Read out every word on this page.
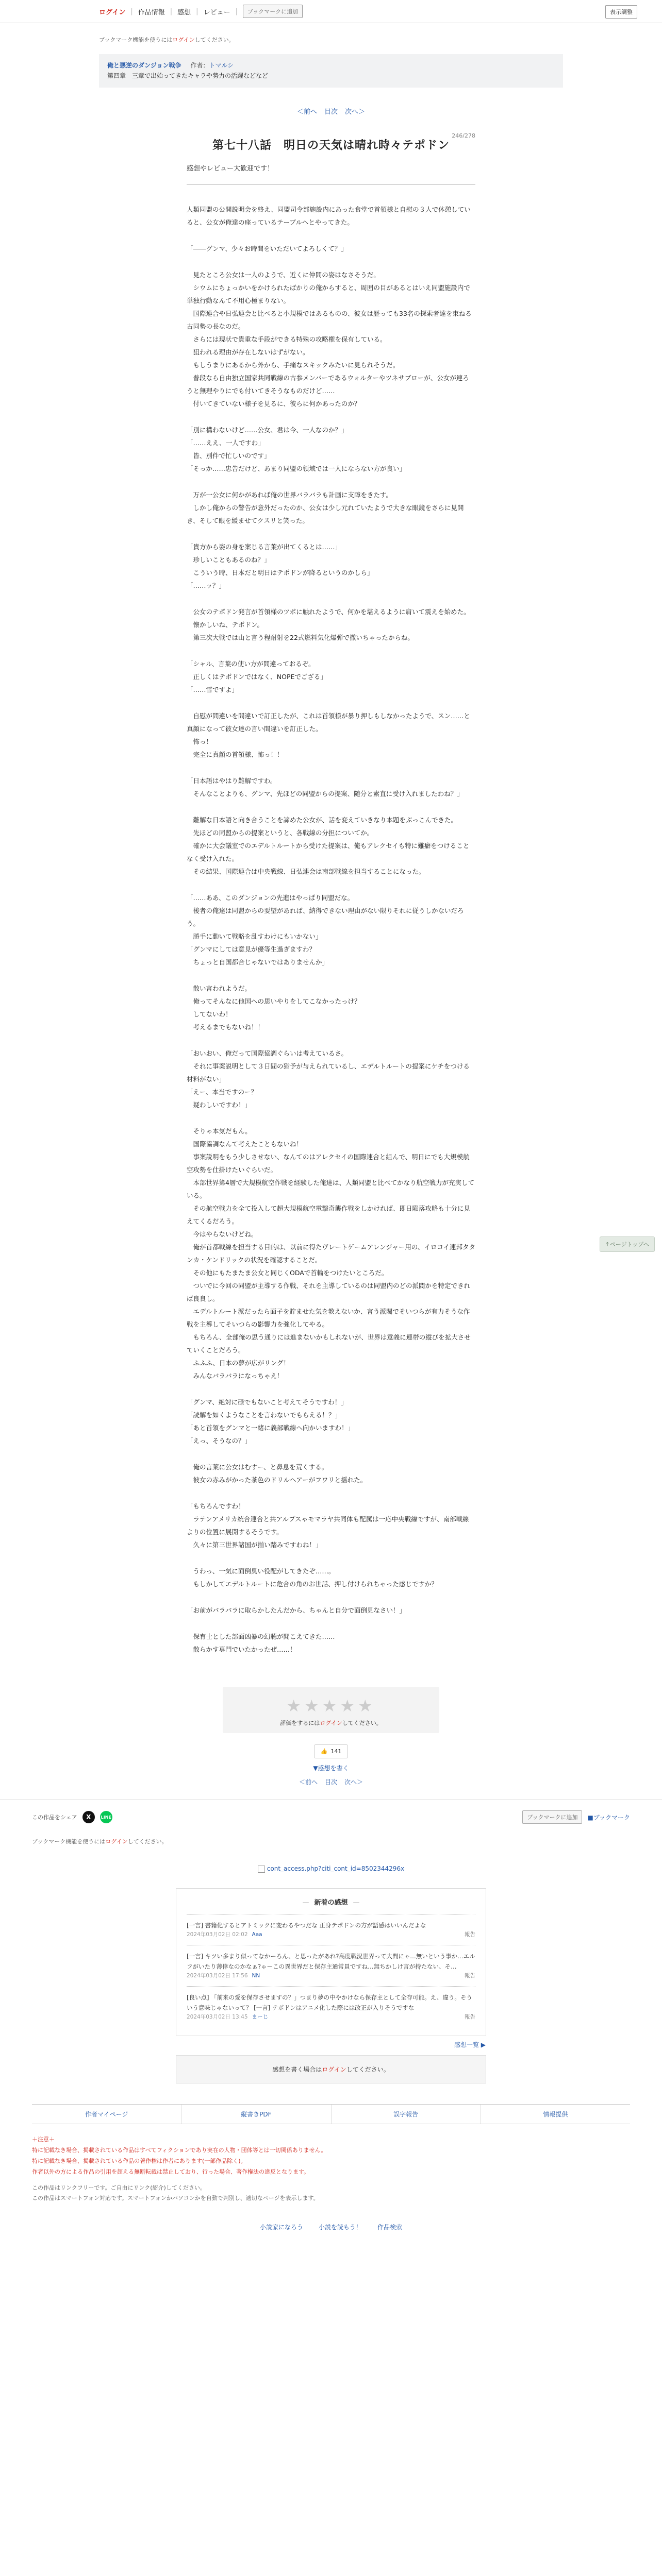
ログイン | 作品情報 | 感想 | レビュー |	ブックマークに追加	表示調整
ブックマーク機能を使うにはログインしてください。
俺と悪逆のダンジョン戦争 作者：トマルシ
第四章　三章で出始ってきたキャラや勢力の活躍などなど
＜前へ 目次 次へ＞
246/278
第七十八話　明日の天気は晴れ時々テポドン
感想やレビュー大歓迎です！

人類同盟の公開説明会を終え、同盟司令部施設内にあった食堂で首領様と自慰の３人で休憩していると、公女が俺達の座っているテーブルへとやってきた。

「――グンマ、少々お時間をいただいてよろしくて？」

　見たところ公女は一人のようで、近くに仲間の姿はなさそうだ。

　シウムにちょっかいをかけられたばかりの俺からすると、周囲の目があるとはいえ同盟施設内で単独行動なんて不用心極まりない。

　国際連合や日弘連会と比べると小規模ではあるものの、彼女は歴っても33名の探索者達を束ねる古同勢の長なのだ。

　さらには現状で貴重な手段ができる特殊の攻略権を保有している。

　狙われる理由が存在しないはずがない。

　もしうまりにあるから外から、手痛なスキックみたいに見られそうだ。

　普段なら自由独立国家共同戦線の古参メンバーであるウォルターやツネサブローが、公女が連ろうと無理やりにでも付いてきそうなものだけど……

　付いてきていない様子を見るに、彼らに何かあったのか？

「別に構わないけど……公女、君は今、一人なのか？」

「……ええ、一人ですわ」

　皆、別件で忙しいのです」

「そっか……忠告だけど、あまり同盟の領域では一人にならない方が良い」

　万が一公女に何かがあれば俺の世界バラバラも計画に支障をきたす。

　しかし俺からの警告が意外だったのか、公女は少し元れていたようで大きな眼鏡をさらに見開き、そして眼を緩ませてクスリと笑った。

「貴方から姿の身を案じる言葉が出てくるとは……」

　珍しいこともあるのね？」

　こういう時、日本だと明日はテポドンが降るというのかしら」

「……ッ？」

　公女のテポドン発言が首領様のツボに触れたようで、何かを堪えるように肩いて震えを始めた。

　懐かしいね、テポドン。

　第三次大戦では山と言う程耐射を22式燃料気化爆弾で撒いちゃったからね。

「シャル、言葉の使い方が間違っておるぞ。

　正しくはテポドンではなく、NOPEでござる」

「……雪ですよ」

　自慰が間違いを間違いで訂正したが、これは首領様が暴り押しもしなかったようで、スン……と真顔になって彼女達の言い間違いを訂正した。

　怖っ！

　完全に真顔の首領様、怖っ！！

「日本語はやはり難解ですわ。

　そんなことよりも、グンマ、先ほどの同盟からの提案、随分と素直に受け入れましたわね？」

　難解な日本語と向き合うことを諦めた公女が、話を変えていきなり本題をぶっこんできた。

　先ほどの同盟からの提案というと、各戦線の分担についてか。

　確かに大会議室でのエデルトルートから受けた提案は、俺もアレクセイも特に難癖をつけることなく受け入れた。

　その結果、国際連合は中央戦線、日弘連会は南部戦線を担当することになった。

「……ああ、このダンジョンの先進はやっぱり同盟だな。

　後者の俺達は同盟からの要望があれば、納得できない理由がない限りそれに従うしかないだろう。

　勝手に動いて戦略を乱すわけにもいかない」

「グンマにしては意見が優等生過ぎますわ？

　ちょっと自国都合じゃないではありませんか」

　散い言われようだ。

　俺ってそんなに他国への思いやりをしてこなかったっけ？

　してないわ！

　考えるまでもないね！！

「おいおい、俺だって国際協調ぐらいは考えているさ。

　それに事案説明として３日間の猶予が与えられているし、エデルトルートの提案にケチをつける材料がない」

「えー、本当ですのー？

　疑わしいですわ！」

　そりゃ本気だもん。

　国際協調なんて考えたこともないね！

　事案説明をもう少しさせない、なんてのはアレクセイの国際連合と組んで、明日にでも大規模航空攻勢を仕掛けたいぐらいだ。

　本部世界第4層で大規模航空作戦を経験した俺達は、人類同盟と比べてかなり航空戦力が充実している。

　その航空戦力を全て投入して超大規模航空電撃奇襲作戦をしかければ、即日陥落攻略も十分に見えてくるだろう。

　今はやらないけどね。

　俺が首都戦線を担当する目的は、以前に得たヴレートゲームアレンジャー用の、イロコイ連邦タタンカ・ケンドリックの状況を確認することだ。

　その他にもたまたま公女と同じくODAで首輪をつけたいところだ。

　ついでに今回の同盟が主導する作戦、それを主導しているのは同盟内のどの派閥かを特定できれば良良し。

　エデルトルート派だったら面子を貯ませた気を教えないか、言う派閥でそいつらが有力そうな作戦を主導してそいつらの影響力を強化してやる。

　もちろん、全部俺の思う通りには進まないかもしれないが、世界は意義に連帯の縦びを拡大させていくことだろう。

　ふふふ、日本の夢が広がリング！

　みんなバラバラになっちゃえ！

「グンマ、絶対に碌でもないこと考えてそうですわ！」

「読解を如くようなことを言わないでもらえる！？」

「あと首領をグンマと一緒に義部戦線へ向かいますわ！」

「えっ、そうなの？」

　俺の言葉に公女はむすー、と鼻息を荒くする。

　彼女の赤みがかった茶色のドリルヘアーがフワリと揺れた。

「もちろんですわ！

　ラテンアメリカ統合連合と共アルプスゃモマラヤ共同体も配属は一応中央戦線ですが、南部戦線よりの位置に展開するそうです。

　久々に第三世界諸国が揃い踏みですわね！」

　うわっ、一気に面倒臭い役配がしてきたぞ……。

　もしかしてエデルトルートに危合の角のお世話、押し付けられちゃった感じですか？

「お前がバラバラに取らかしたんだから、ちゃんと自分で面倒見なさい！」

　保育士とした部面凶暴の幻聴が聞こえてきた……

　散らかす専門でいたかったぜ……！

↑ページトップへ
★★★★★
評価をするにはログインしてください。
👍 141
▼感想を書く
＜前へ 目次 次へ＞
この作品をシェア	X	LINE	ブックマークに追加	■ブックマーク
ブックマーク機能を使うにはログインしてください。
cont_access.php?citi_cont_id=8502344296x
— 新着の感想 —
[一言] 書籍化するとアトミックに変わるやつだな 正身テポドンの方が語感はいいんだよな
2024年03月02日 02:02 Aaa	報告
[一言] キツい多まり似ってなかーろん、と思ったがあれ?高度戦況世界って大間にゃ…無いという事か…エルフがいたり薄倖なのかなぁ?ゃーこの異世界だと保存主通常員ですね…無ちかしけ言が持たない、そ…
2024年03月02日 17:56 NN	報告
[良い点] 「前来の愛を保存させますの？」つまり夢の中やかけなら保存主として全存可能。え、違う。そういう意味じゃないって？ [一言] テポドンはアニメ化した際には改正が入りそうですな
2024年03月02日 13:45 まーじ	報告
感想一覧 ▶
感想を書く場合はログインしてください。
作者マイページ	縦書きPDF	誤字報告	情報提供
＋注意＋
特に記載なき場合、掲載されている作品はすべてフィクションであり実在の人物・団体等とは一切関係ありません。
特に記載なき場合、掲載されている作品の著作権は作者にあります(一部作品除く)。
作者以外の方による作品の引用を超える無断転載は禁止しており、行った場合、著作権法の違反となります。
この作品はリンクフリーです。ご自由にリンク(紹介)してください。
この作品はスマートフォン対応です。スマートフォンかパソコンかを自動で判別し、適切なページを表示します。
小説家になろう	小説を読もう！	作品検索
